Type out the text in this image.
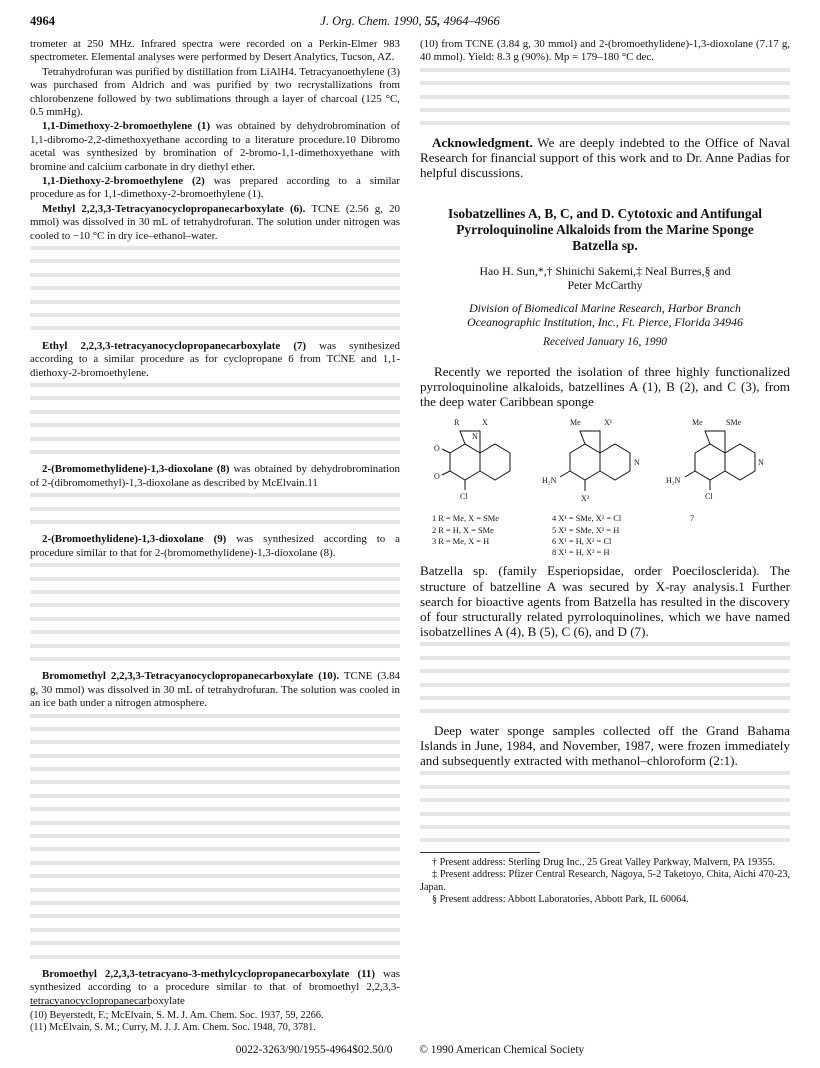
4964	J. Org. Chem. 1990, 55, 4964–4966

trometer at 250 MHz. Infrared spectra were recorded on a Perkin-Elmer 983 spectrometer. Elemental analyses were performed by Desert Analytics, Tucson, AZ.

Tetrahydrofuran was purified by distillation from LiAlH4. Tetracyanoethylene (3) was purchased from Aldrich and was purified by two recrystallizations from chlorobenzene followed by two sublimations through a layer of charcoal (125 °C, 0.5 mmHg).

1,1-Dimethoxy-2-bromoethylene (1) was obtained by dehydrobromination of 1,1-dibromo-2,2-dimethoxyethane according to a literature procedure.10 Dibromo acetal was synthesized by bromination of 2-bromo-1,1-dimethoxyethane with bromine and calcium carbonate in dry diethyl ether.

1,1-Diethoxy-2-bromoethylene (2) was prepared according to a similar procedure as for 1,1-dimethoxy-2-bromoethylene (1).

Methyl 2,2,3,3-Tetracyanocyclopropanecarboxylate (6). TCNE (2.56 g, 20 mmol) was dissolved in 30 mL of tetrahydrofuran. The solution under nitrogen was cooled to −10 °C in dry ice–ethanol–water.

Ethyl 2,2,3,3-tetracyanocyclopropanecarboxylate (7) was synthesized according to a similar procedure as for cyclopropane 6 from TCNE and 1,1-diethoxy-2-bromoethylene.

2-(Bromomethylidene)-1,3-dioxolane (8) was obtained by dehydrobromination of 2-(dibromomethyl)-1,3-dioxolane as described by McElvain.11

2-(Bromoethylidene)-1,3-dioxolane (9) was synthesized according to a procedure similar to that for 2-(bromomethylidene)-1,3-dioxolane (8).

Bromomethyl 2,2,3,3-Tetracyanocyclopropanecarboxylate (10). TCNE (3.84 g, 30 mmol) was dissolved in 30 mL of tetrahydrofuran. The solution was cooled in an ice bath under a nitrogen atmosphere.

Bromoethyl 2,2,3,3-tetracyano-3-methylcyclopropanecarboxylate (11) was synthesized according to a procedure similar to that of bromoethyl 2,2,3,3-tetracyanocyclopropanecarboxylate

(10) Beyerstedt, F.; McElvain, S. M. J. Am. Chem. Soc. 1937, 59, 2266.
(11) McElvain, S. M.; Curry, M. J. J. Am. Chem. Soc. 1948, 70, 3781.

(10) from TCNE (3.84 g, 30 mmol) and 2-(bromoethylidene)-1,3-dioxolane (7.17 g, 40 mmol). Yield: 8.3 g (90%). Mp = 179–180 °C dec.

Acknowledgment. We are deeply indebted to the Office of Naval Research for financial support of this work and to Dr. Anne Padias for helpful discussions.

Isobatzellines A, B, C, and D. Cytotoxic and Antifungal Pyrroloquinoline Alkaloids from the Marine Sponge Batzella sp.
Hao H. Sun,*,† Shinichi Sakemi,‡ Neal Burres,§ and
Peter McCarthy
Division of Biomedical Marine Research, Harbor Branch
Oceanographic Institution, Inc., Ft. Pierce, Florida 34946
Received January 16, 1990

Recently we reported the isolation of three highly functionalized pyrroloquinoline alkaloids, batzellines A (1), B (2), and C (3), from the deep water Caribbean sponge

R	X
N
O
O
Cl
Me	X¹
N
H₂N
X²
Me	SMe
N
H₂N
Cl
1 R = Me, X = SMe
2 R = H, X = SMe
3 R = Me, X = H
4 X¹ = SMe, X² = Cl
5 X¹ = SMe, X² = H
6 X¹ = H, X² = Cl
8 X¹ = H, X² = H
7

Batzella sp. (family Esperiopsidae, order Poecilosclerida). The structure of batzelline A was secured by X-ray analysis.1 Further search for bioactive agents from Batzella has resulted in the discovery of four structurally related pyrroloquinolines, which we have named isobatzellines A (4), B (5), C (6), and D (7).

Deep water sponge samples collected off the Grand Bahama Islands in June, 1984, and November, 1987, were frozen immediately and subsequently extracted with methanol–chloroform (2:1).

† Present address: Sterling Drug Inc., 25 Great Valley Parkway, Malvern, PA 19355.
‡ Present address: Pfizer Central Research, Nagoya, 5-2 Taketoyo, Chita, Aichi 470-23, Japan.
§ Present address: Abbott Laboratories, Abbott Park, IL 60064.
0022-3263/90/1955-4964$02.50/0 © 1990 American Chemical Society
